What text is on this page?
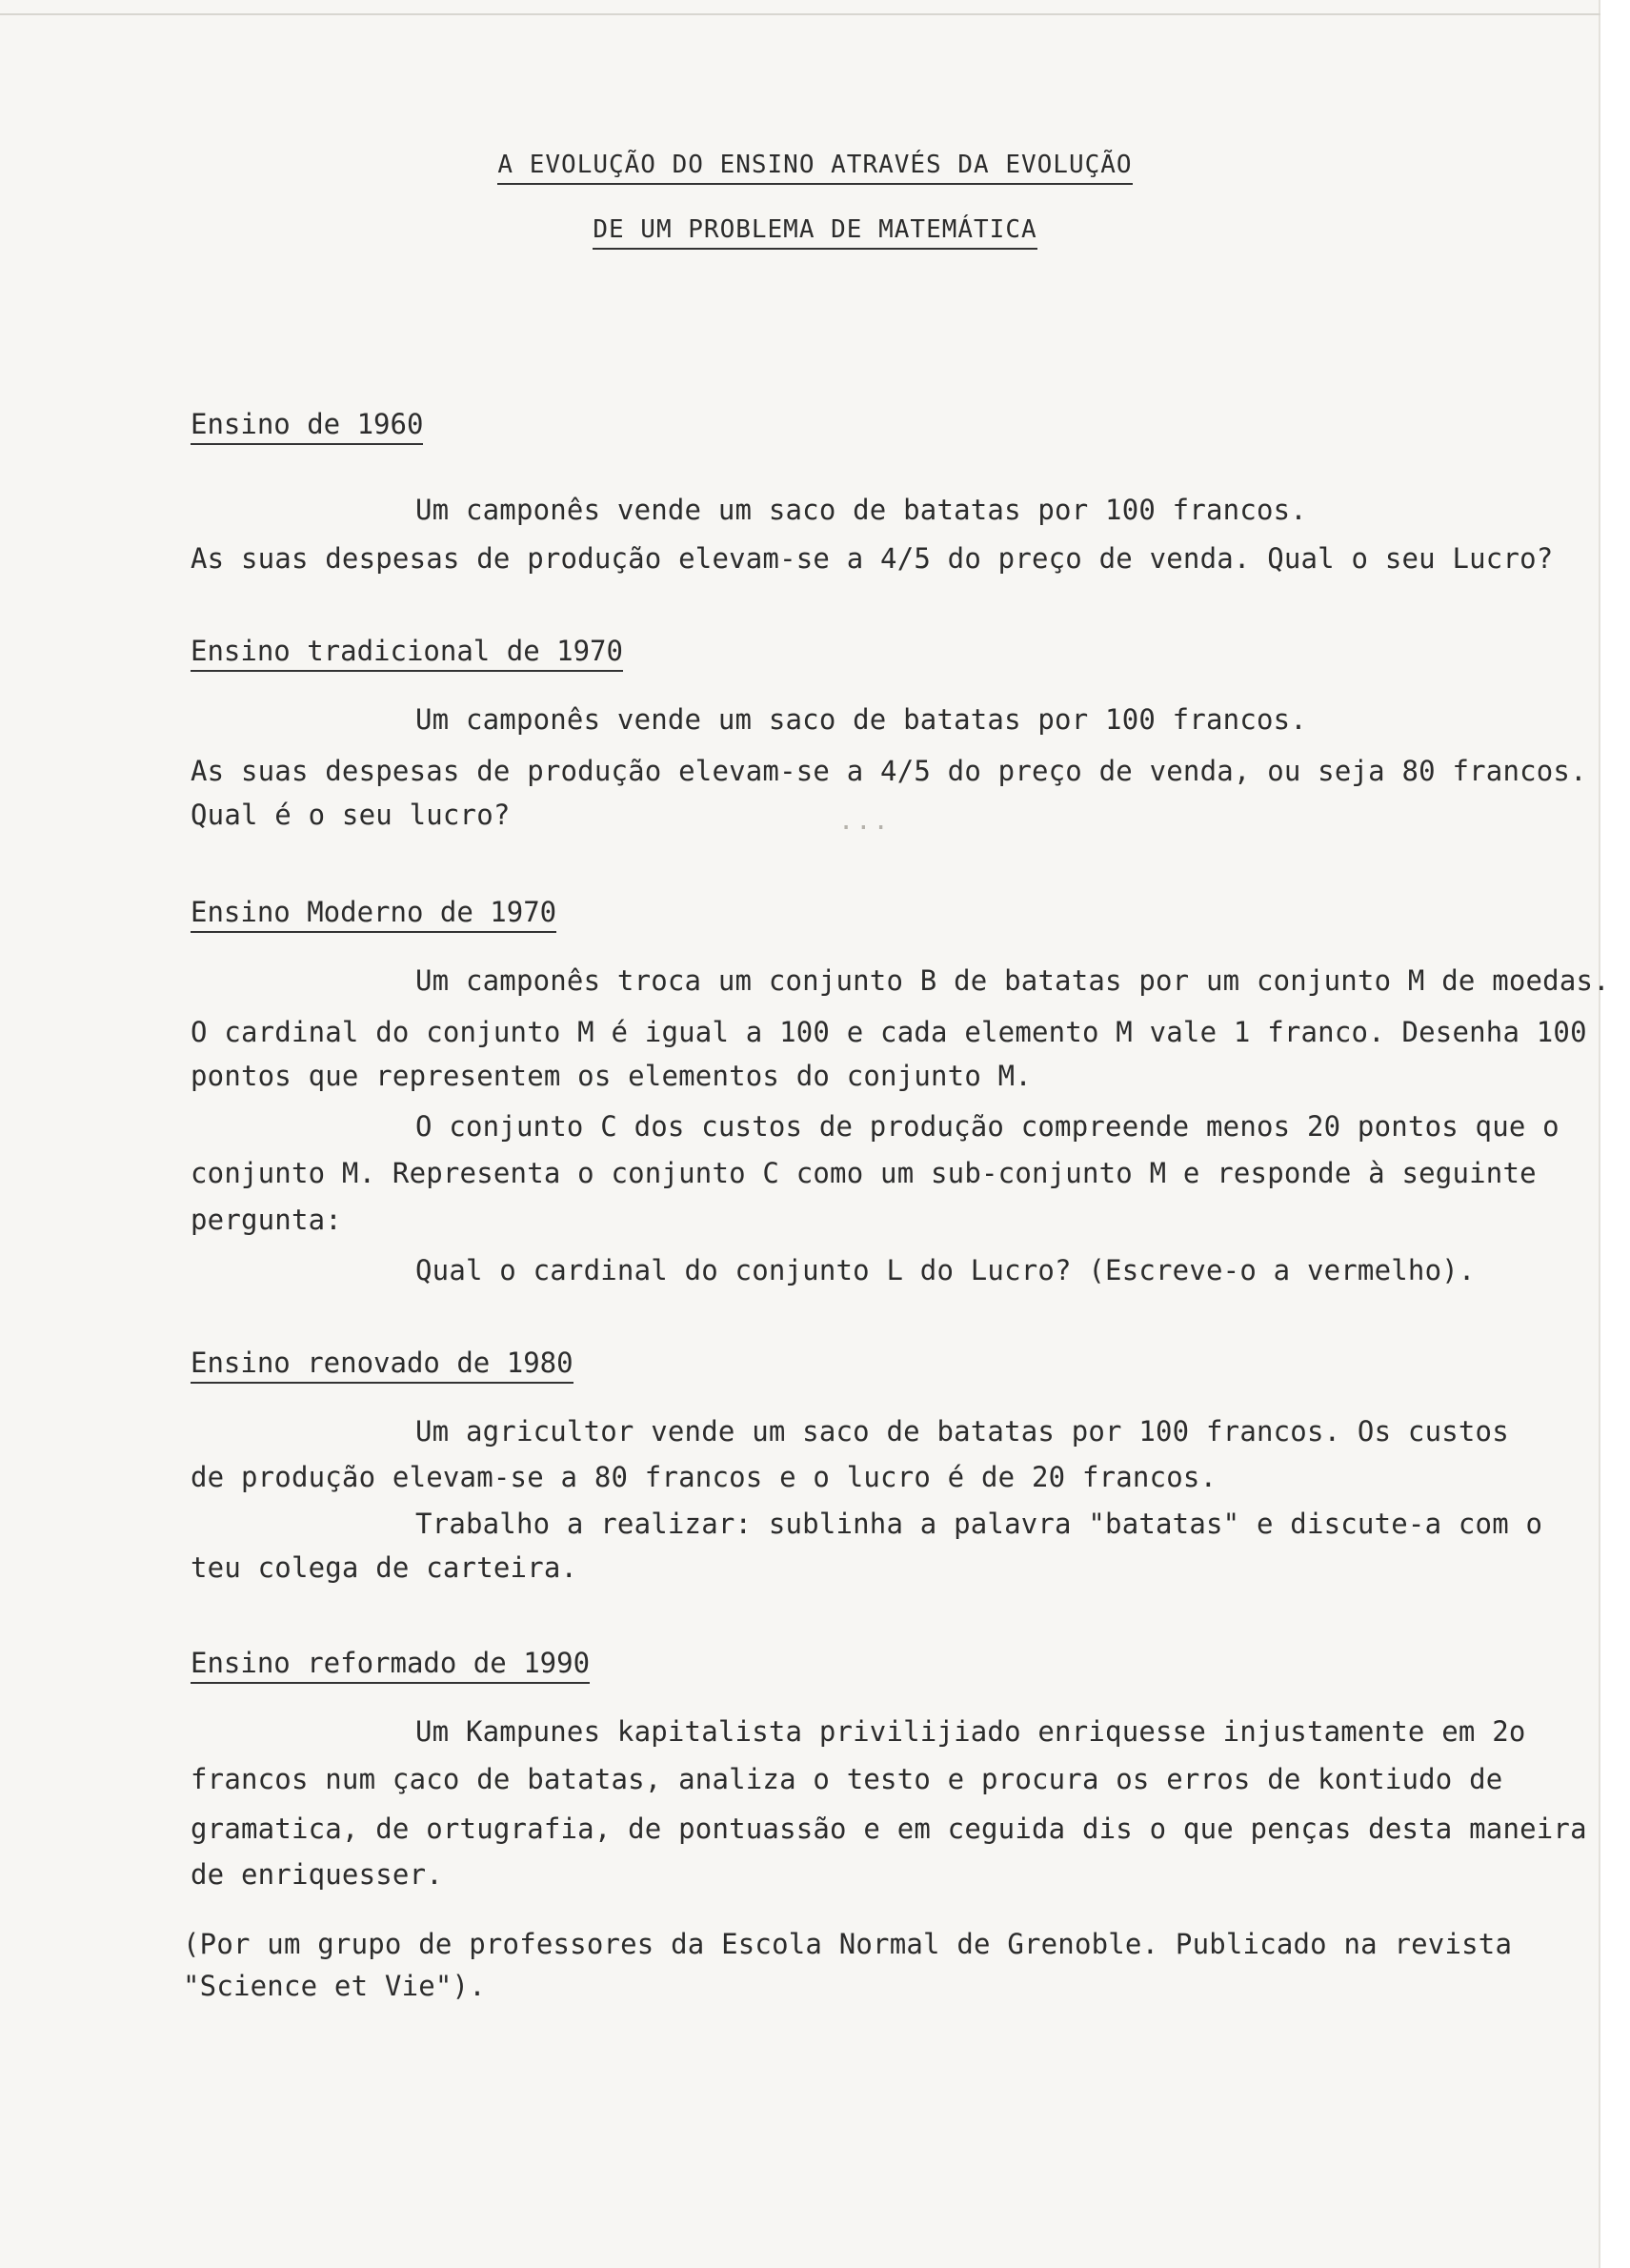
A EVOLUÇÃO DO ENSINO ATRAVÉS DA EVOLUÇÃO
DE UM PROBLEMA DE MATEMÁTICA
Ensino de 1960
Um camponês vende um saco de batatas por 100 francos.
As suas despesas de produção elevam-se a 4/5 do preço de venda. Qual o seu Lucro?
Ensino tradicional de 1970
Um camponês vende um saco de batatas por 100 francos.
As suas despesas de produção elevam-se a 4/5 do preço de venda, ou seja 80 francos.
Qual é o seu lucro?	...
Ensino Moderno de 1970
Um camponês troca um conjunto B de batatas por um conjunto M de moedas.
O cardinal do conjunto M é igual a 100 e cada elemento M vale 1 franco. Desenha 100
pontos que representem os elementos do conjunto M.
O conjunto C dos custos de produção compreende menos 20 pontos que o
conjunto M. Representa o conjunto C como um sub-conjunto M e responde à seguinte
pergunta:
Qual o cardinal do conjunto L do Lucro? (Escreve-o a vermelho).
Ensino renovado de 1980
Um agricultor vende um saco de batatas por 100 francos. Os custos
de produção elevam-se a 80 francos e o lucro é de 20 francos.
Trabalho a realizar: sublinha a palavra "batatas" e discute-a com o
teu colega de carteira.
Ensino reformado de 1990
Um Kampunes kapitalista privilijiado enriquesse injustamente em 2o
francos num çaco de batatas, analiza o testo e procura os erros de kontiudo de
gramatica, de ortugrafia, de pontuassão e em ceguida dis o que penças desta maneira
de enriquesser.
(Por um grupo de professores da Escola Normal de Grenoble. Publicado na revista
"Science et Vie").
